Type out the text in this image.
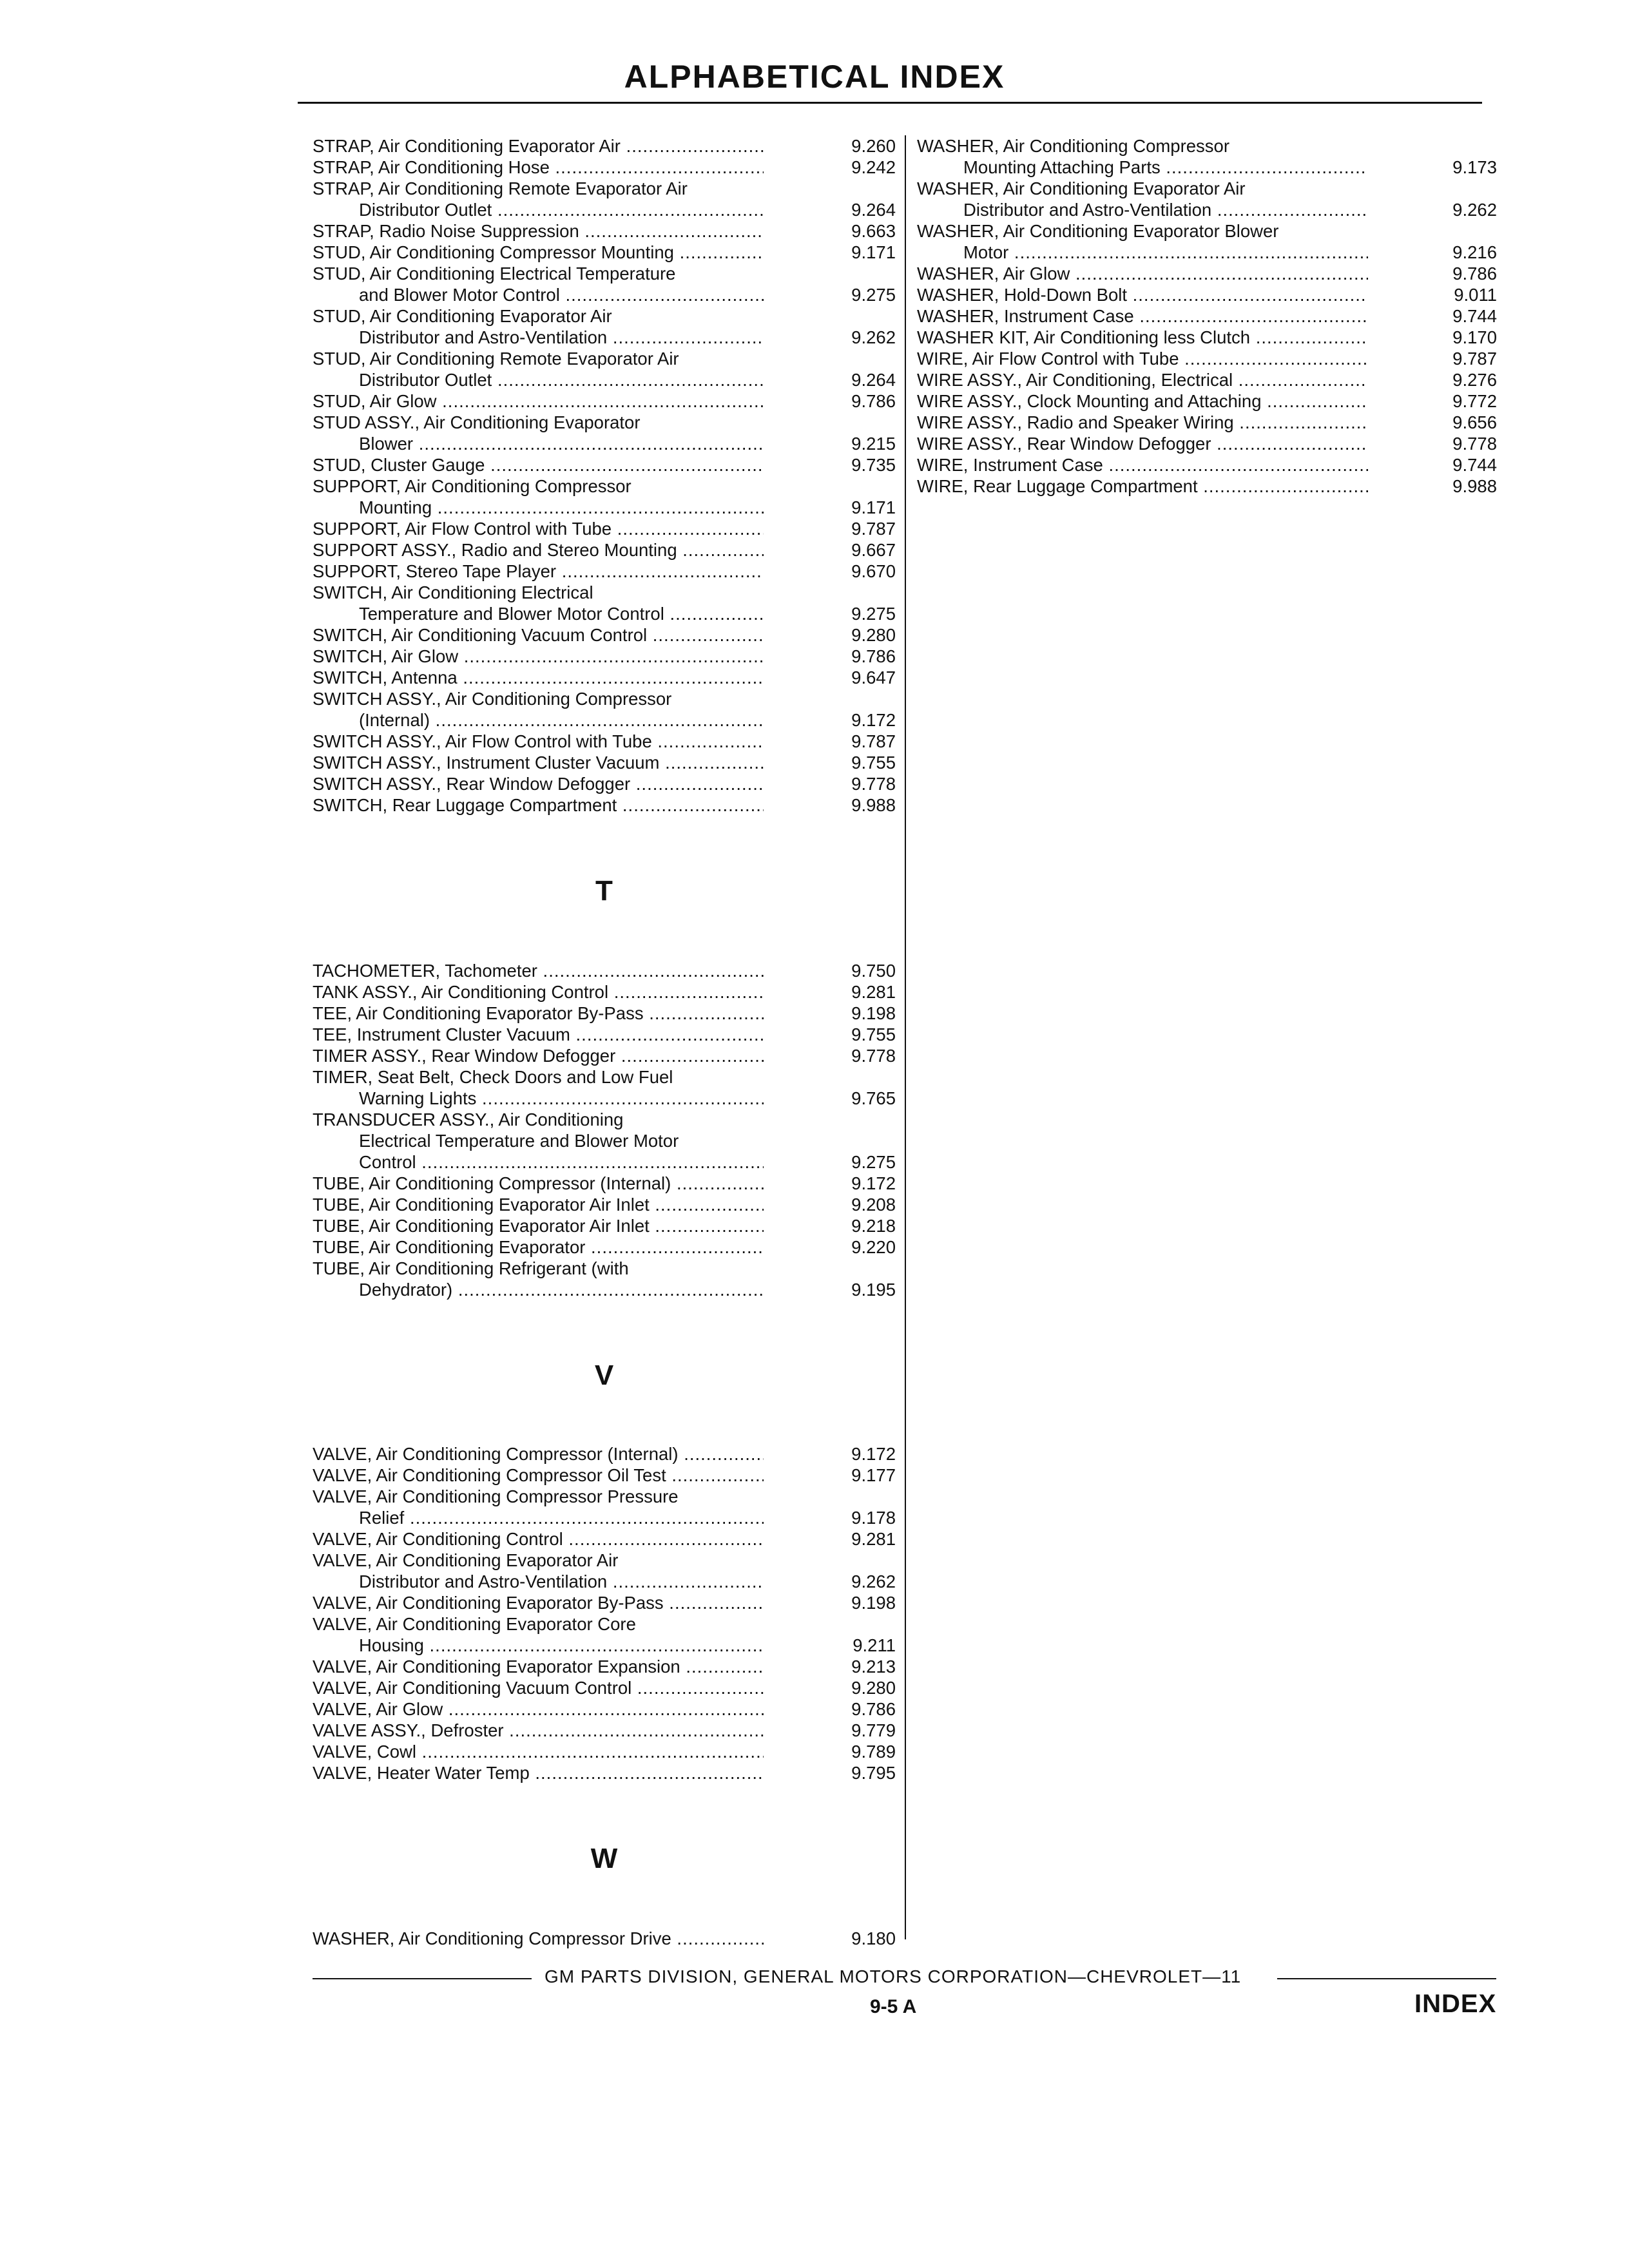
ALPHABETICAL INDEX
STRAP, Air Conditioning Evaporator Air .....	9.260
STRAP, Air Conditioning Hose .....	9.242
STRAP, Air Conditioning Remote Evaporator Air
Distributor Outlet .....	9.264
STRAP, Radio Noise Suppression .....	9.663
STUD, Air Conditioning Compressor Mounting .....	9.171
STUD, Air Conditioning Electrical Temperature
and Blower Motor Control .....	9.275
STUD, Air Conditioning Evaporator Air
Distributor and Astro-Ventilation .....	9.262
STUD, Air Conditioning Remote Evaporator Air
Distributor Outlet .....	9.264
STUD, Air Glow .....	9.786
STUD ASSY., Air Conditioning Evaporator
Blower .....	9.215
STUD, Cluster Gauge .....	9.735
SUPPORT, Air Conditioning Compressor
Mounting .....	9.171
SUPPORT, Air Flow Control with Tube .....	9.787
SUPPORT ASSY., Radio and Stereo Mounting .....	9.667
SUPPORT, Stereo Tape Player .....	9.670
SWITCH, Air Conditioning Electrical
Temperature and Blower Motor Control .....	9.275
SWITCH, Air Conditioning Vacuum Control .....	9.280
SWITCH, Air Glow .....	9.786
SWITCH, Antenna .....	9.647
SWITCH ASSY., Air Conditioning Compressor
(Internal) .....	9.172
SWITCH ASSY., Air Flow Control with Tube .....	9.787
SWITCH ASSY., Instrument Cluster Vacuum .....	9.755
SWITCH ASSY., Rear Window Defogger .....	9.778
SWITCH, Rear Luggage Compartment .....	9.988
T
TACHOMETER, Tachometer .....	9.750
TANK ASSY., Air Conditioning Control .....	9.281
TEE, Air Conditioning Evaporator By-Pass .....	9.198
TEE, Instrument Cluster Vacuum .....	9.755
TIMER ASSY., Rear Window Defogger .....	9.778
TIMER, Seat Belt, Check Doors and Low Fuel
Warning Lights .....	9.765
TRANSDUCER ASSY., Air Conditioning
Electrical Temperature and Blower Motor
Control .....	9.275
TUBE, Air Conditioning Compressor (Internal) .....	9.172
TUBE, Air Conditioning Evaporator Air Inlet .....	9.208
TUBE, Air Conditioning Evaporator Air Inlet .....	9.218
TUBE, Air Conditioning Evaporator .....	9.220
TUBE, Air Conditioning Refrigerant (with
Dehydrator) .....	9.195
V
VALVE, Air Conditioning Compressor (Internal) .....	9.172
VALVE, Air Conditioning Compressor Oil Test .....	9.177
VALVE, Air Conditioning Compressor Pressure
Relief .....	9.178
VALVE, Air Conditioning Control .....	9.281
VALVE, Air Conditioning Evaporator Air
Distributor and Astro-Ventilation .....	9.262
VALVE, Air Conditioning Evaporator By-Pass .....	9.198
VALVE, Air Conditioning Evaporator Core
Housing .....	9.211
VALVE, Air Conditioning Evaporator Expansion .....	9.213
VALVE, Air Conditioning Vacuum Control .....	9.280
VALVE, Air Glow .....	9.786
VALVE ASSY., Defroster .....	9.779
VALVE, Cowl .....	9.789
VALVE, Heater Water Temp .....	9.795
W
WASHER, Air Conditioning Compressor Drive .....	9.180
WASHER, Air Conditioning Compressor
Mounting Attaching Parts .....	9.173
WASHER, Air Conditioning Evaporator Air
Distributor and Astro-Ventilation .....	9.262
WASHER, Air Conditioning Evaporator Blower
Motor .....	9.216
WASHER, Air Glow .....	9.786
WASHER, Hold-Down Bolt .....	9.011
WASHER, Instrument Case .....	9.744
WASHER KIT, Air Conditioning less Clutch .....	9.170
WIRE, Air Flow Control with Tube .....	9.787
WIRE ASSY., Air Conditioning, Electrical .....	9.276
WIRE ASSY., Clock Mounting and Attaching .....	9.772
WIRE ASSY., Radio and Speaker Wiring .....	9.656
WIRE ASSY., Rear Window Defogger .....	9.778
WIRE, Instrument Case .....	9.744
WIRE, Rear Luggage Compartment .....	9.988
GM PARTS DIVISION, GENERAL MOTORS CORPORATION—CHEVROLET—11
9-5 A	INDEX
